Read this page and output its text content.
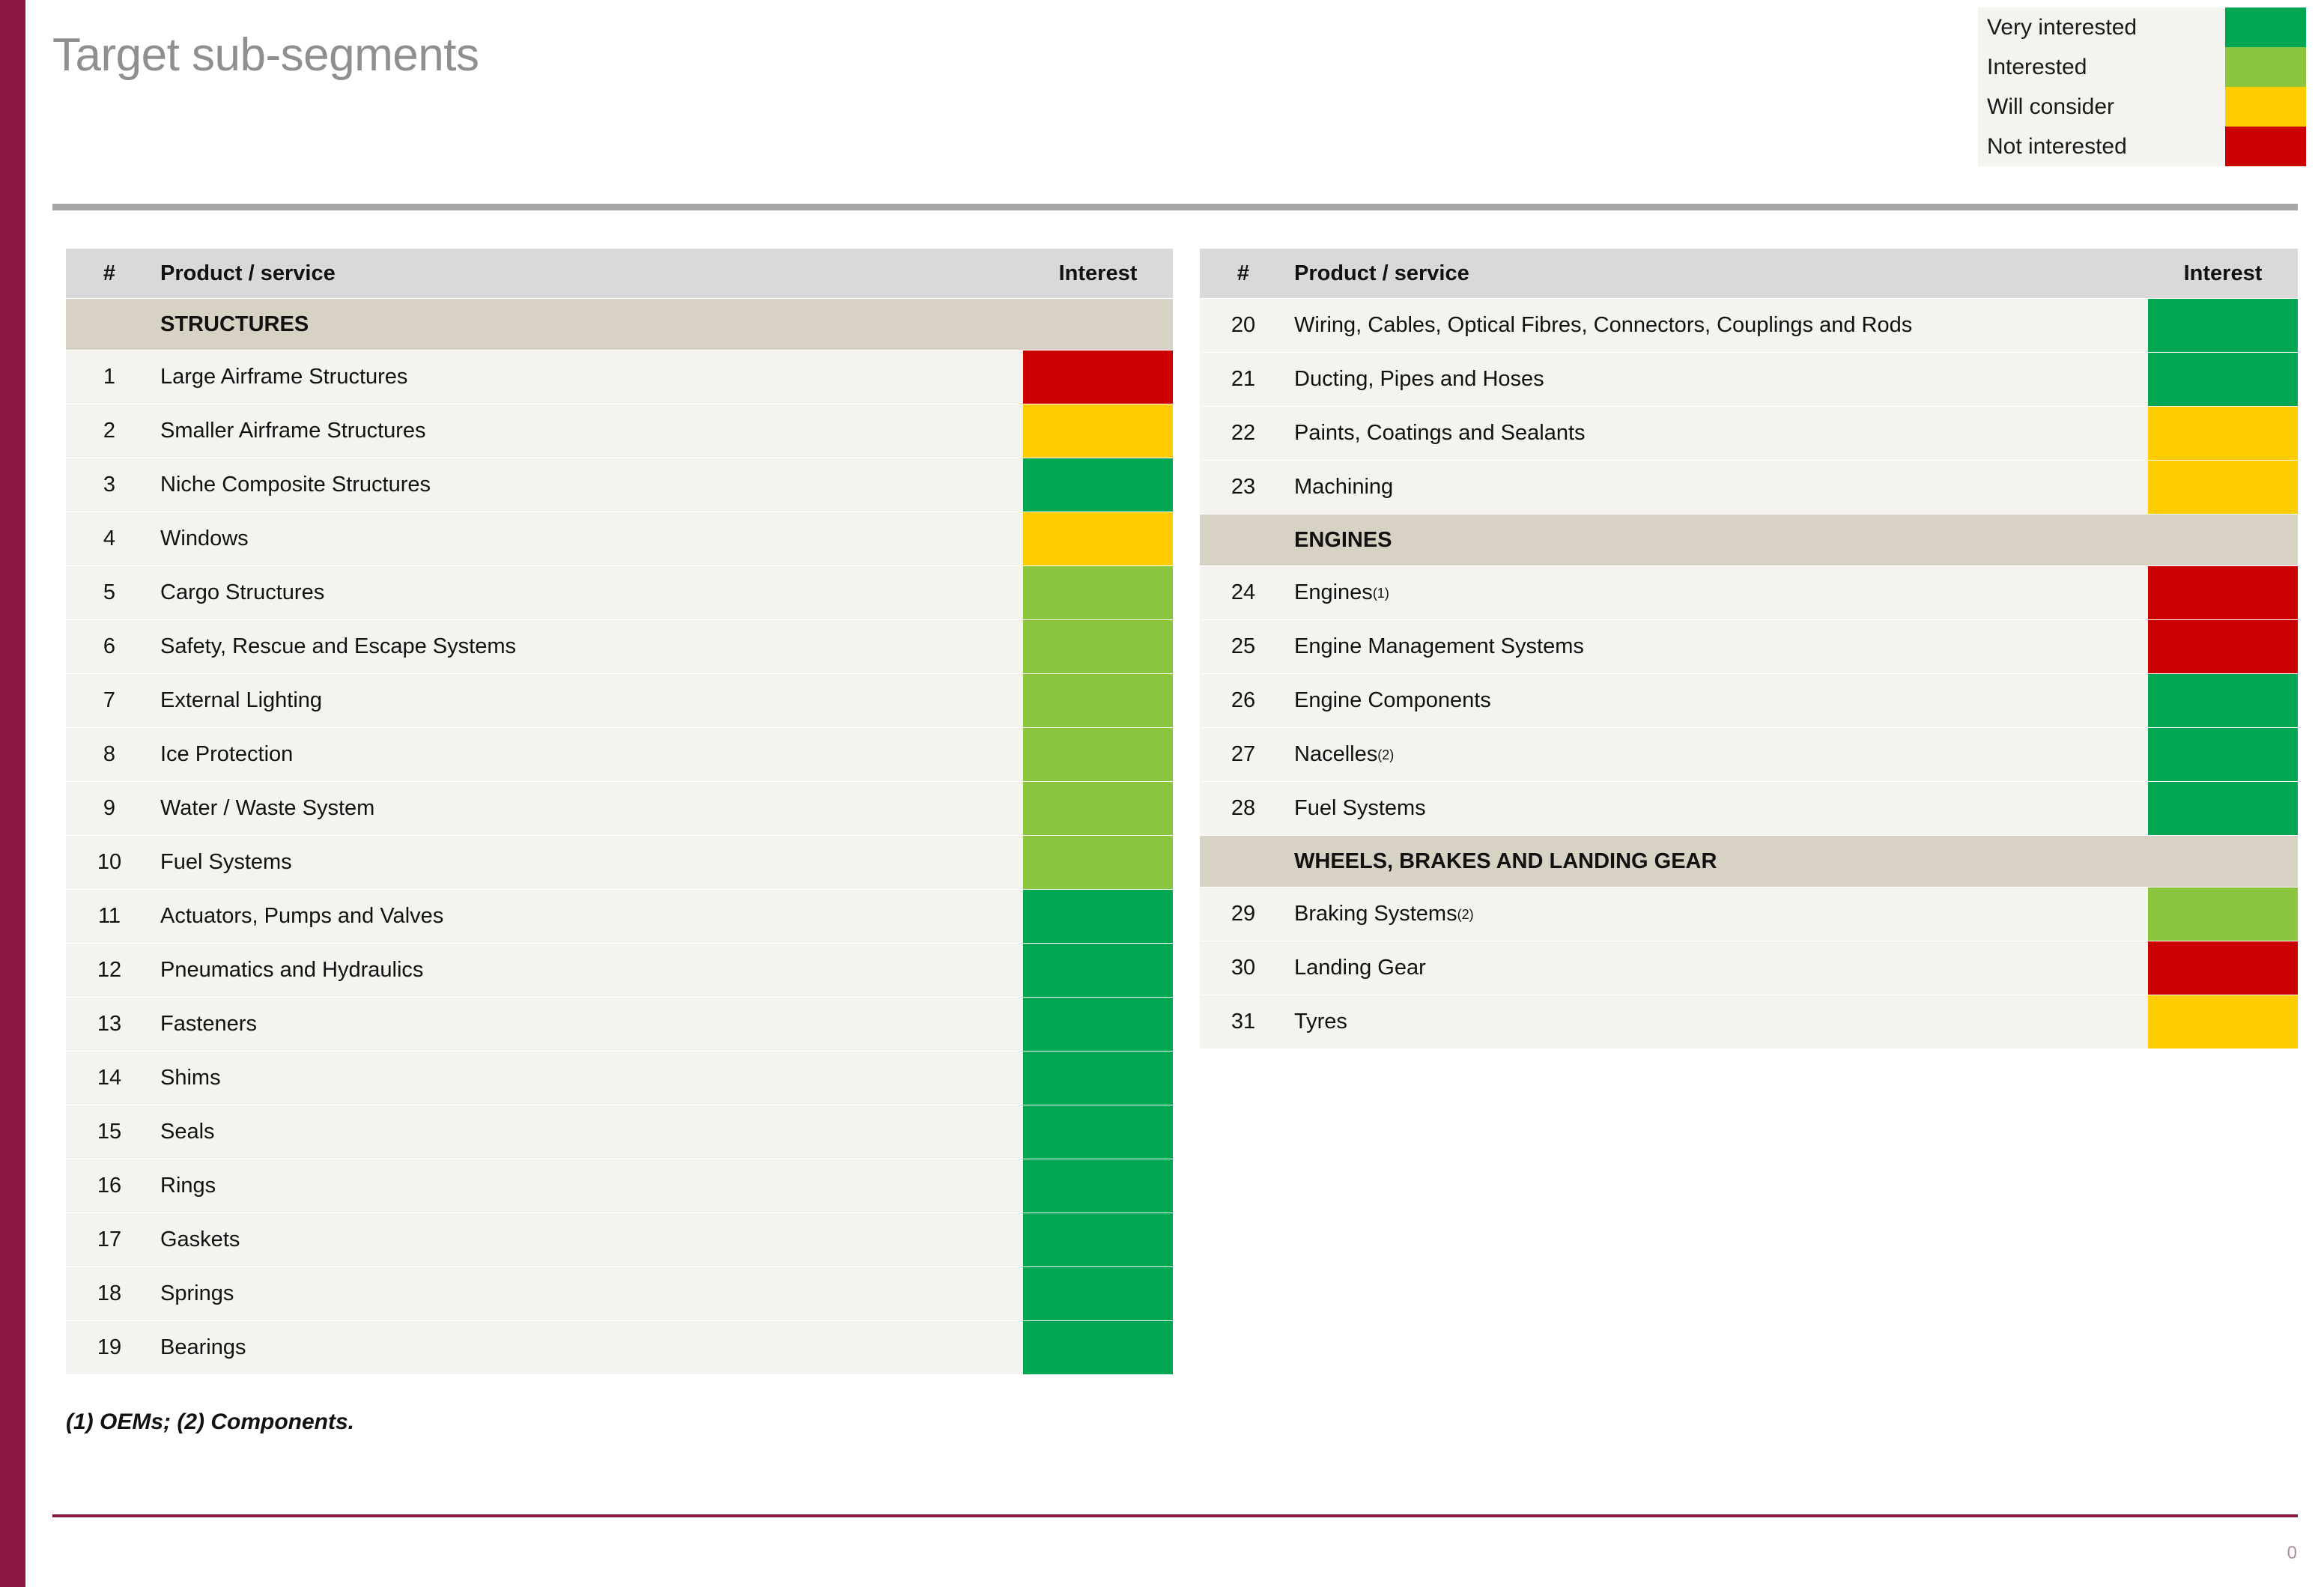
Target sub-segments
Very interested
Interested
Will consider
Not interested
#	Product / service	Interest
STRUCTURES
1	Large Airframe Structures
2	Smaller Airframe Structures
3	Niche Composite Structures
4	Windows
5	Cargo Structures
6	Safety, Rescue and Escape Systems
7	External Lighting
8	Ice Protection
9	Water / Waste System
10	Fuel Systems
11	Actuators, Pumps and Valves
12	Pneumatics and Hydraulics
13	Fasteners
14	Shims
15	Seals
16	Rings
17	Gaskets
18	Springs
19	Bearings
#	Product / service	Interest
20	Wiring, Cables, Optical Fibres, Connectors, Couplings and Rods
21	Ducting, Pipes and Hoses
22	Paints, Coatings and Sealants
23	Machining
ENGINES
24	Engines (1)
25	Engine Management Systems
26	Engine Components
27	Nacelles (2)
28	Fuel Systems
WHEELS, BRAKES AND LANDING GEAR
29	Braking Systems (2)
30	Landing Gear
31	Tyres
(1) OEMs; (2) Components.
0
